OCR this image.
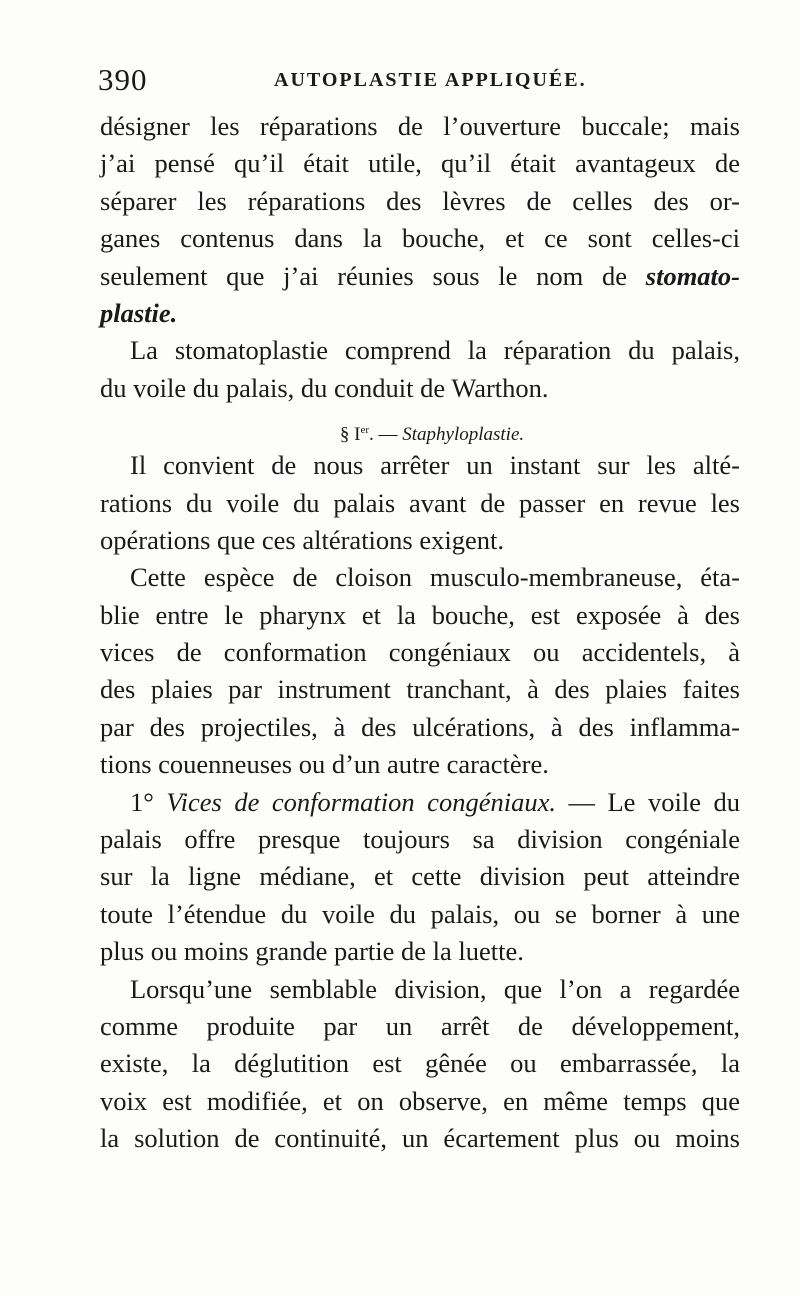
390	AUTOPLASTIE APPLIQUÉE.
désigner les réparations de l’ouverture buccale; mais
j’ai pensé qu’il était utile, qu’il était avantageux de
séparer les réparations des lèvres de celles des or-
ganes contenus dans la bouche, et ce sont celles-ci
seulement que j’ai réunies sous le nom de stomato-
plastie.
La stomatoplastie comprend la réparation du palais,
du voile du palais, du conduit de Warthon.
§ Ier. — Staphyloplastie.
Il convient de nous arrêter un instant sur les alté-
rations du voile du palais avant de passer en revue les
opérations que ces altérations exigent.
Cette espèce de cloison musculo-membraneuse, éta-
blie entre le pharynx et la bouche, est exposée à des
vices de conformation congéniaux ou accidentels, à
des plaies par instrument tranchant, à des plaies faites
par des projectiles, à des ulcérations, à des inflamma-
tions couenneuses ou d’un autre caractère.
1° Vices de conformation congéniaux. — Le voile du
palais offre presque toujours sa division congéniale
sur la ligne médiane, et cette division peut atteindre
toute l’étendue du voile du palais, ou se borner à une
plus ou moins grande partie de la luette.
Lorsqu’une semblable division, que l’on a regardée
comme produite par un arrêt de développement,
existe, la déglutition est gênée ou embarrassée, la
voix est modifiée, et on observe, en même temps que
la solution de continuité, un écartement plus ou moins
